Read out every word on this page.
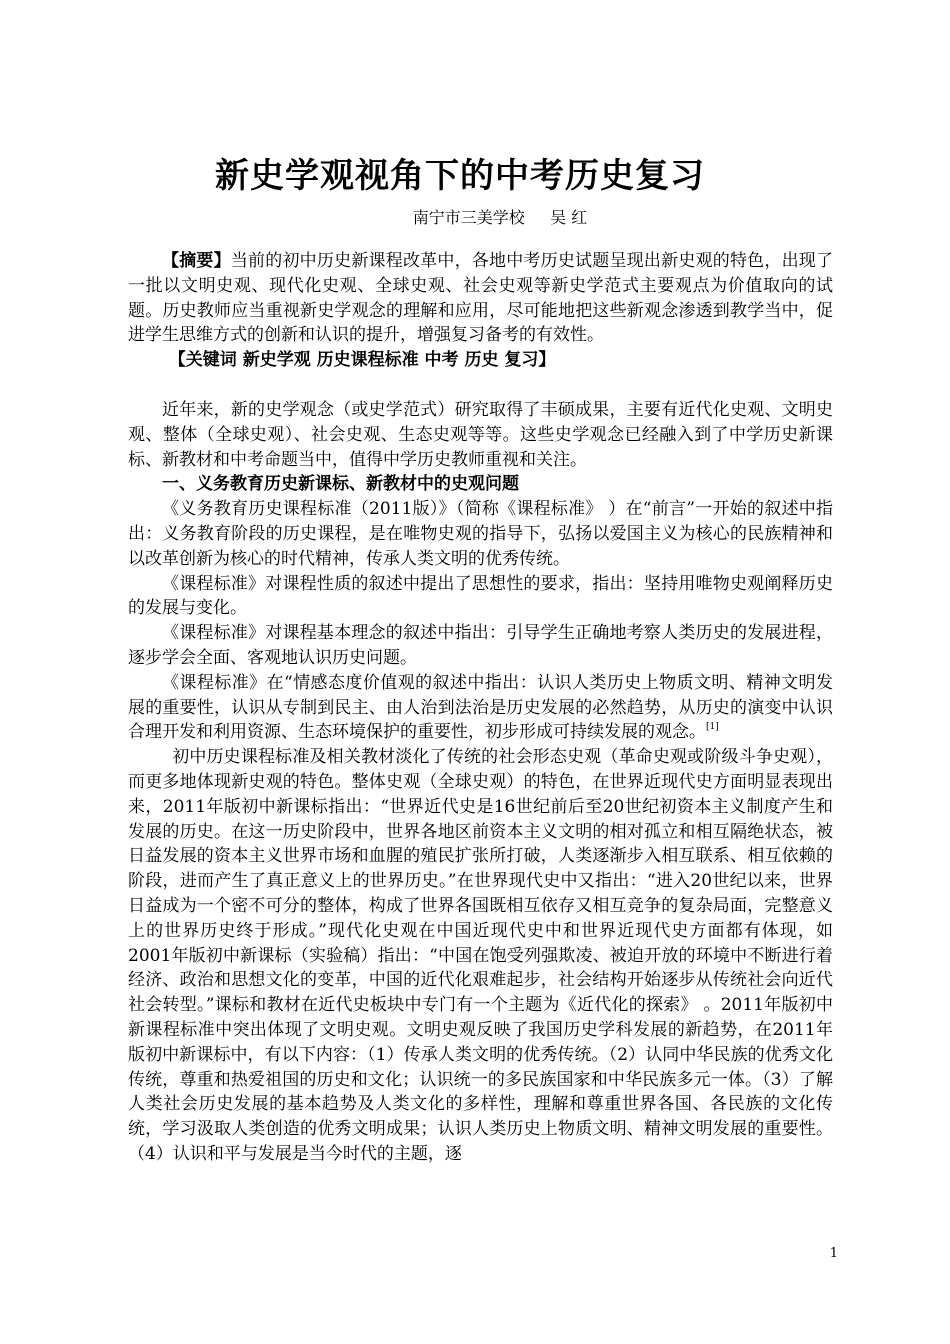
新史学观视角下的中考历史复习
南宁市三美学校     吴 红

【摘要】当前的初中历史新课程改革中，各地中考历史试题呈现出新史观的特色，出现了一批以文明史观、现代化史观、全球史观、社会史观等新史学范式主要观点为价值取向的试题。历史教师应当重视新史学观念的理解和应用，尽可能地把这些新观念渗透到教学当中，促进学生思维方式的创新和认识的提升，增强复习备考的有效性。

【关键词 新史学观 历史课程标准 中考 历史 复习】

近年来，新的史学观念（或史学范式）研究取得了丰硕成果，主要有近代化史观、文明史观、整体（全球史观）、社会史观、生态史观等等。这些史学观念已经融入到了中学历史新课标、新教材和中考命题当中，值得中学历史教师重视和关注。

一、义务教育历史新课标、新教材中的史观问题

《义务教育历史课程标准（2011版）》（简称《课程标准》 ）在“前言”一开始的叙述中指出：义务教育阶段的历史课程，是在唯物史观的指导下，弘扬以爱国主义为核心的民族精神和以改革创新为核心的时代精神，传承人类文明的优秀传统。

《课程标准》对课程性质的叙述中提出了思想性的要求，指出：坚持用唯物史观阐释历史的发展与变化。

《课程标准》对课程基本理念的叙述中指出：引导学生正确地考察人类历史的发展进程，逐步学会全面、客观地认识历史问题。

《课程标准》在“情感态度价值观的叙述中指出：认识人类历史上物质文明、精神文明发展的重要性，认识从专制到民主、由人治到法治是历史发展的必然趋势，从历史的演变中认识合理开发和利用资源、生态环境保护的重要性，初步形成可持续发展的观念。[1]

初中历史课程标准及相关教材淡化了传统的社会形态史观（革命史观或阶级斗争史观），而更多地体现新史观的特色。整体史观（全球史观）的特色，在世界近现代史方面明显表现出来，2011年版初中新课标指出：“世界近代史是16世纪前后至20世纪初资本主义制度产生和发展的历史。在这一历史阶段中，世界各地区前资本主义文明的相对孤立和相互隔绝状态，被日益发展的资本主义世界市场和血腥的殖民扩张所打破，人类逐渐步入相互联系、相互依赖的阶段，进而产生了真正意义上的世界历史。”在世界现代史中又指出：“进入20世纪以来，世界日益成为一个密不可分的整体，构成了世界各国既相互依存又相互竞争的复杂局面，完整意义上的世界历史终于形成。”现代化史观在中国近现代史中和世界近现代史方面都有体现，如2001年版初中新课标（实验稿）指出：“中国在饱受列强欺凌、被迫开放的环境中不断进行着经济、政治和思想文化的变革，中国的近代化艰难起步，社会结构开始逐步从传统社会向近代社会转型。”课标和教材在近代史板块中专门有一个主题为《近代化的探索》 。2011年版初中新课程标准中突出体现了文明史观。文明史观反映了我国历史学科发展的新趋势，在2011年版初中新课标中，有以下内容：（1）传承人类文明的优秀传统。（2）认同中华民族的优秀文化传统，尊重和热爱祖国的历史和文化；认识统一的多民族国家和中华民族多元一体。（3）了解人类社会历史发展的基本趋势及人类文化的多样性，理解和尊重世界各国、各民族的文化传统，学习汲取人类创造的优秀文明成果；认识人类历史上物质文明、精神文明发展的重要性。（4）认识和平与发展是当今时代的主题，逐

1
